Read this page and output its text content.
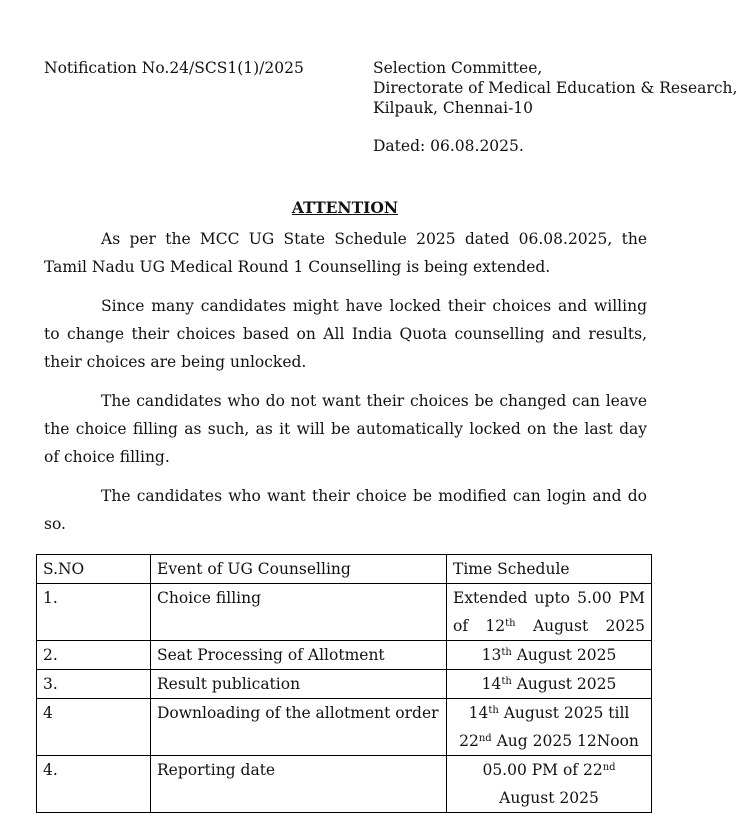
Notification No.24/SCS1(1)/2025	Selection Committee,
Directorate of Medical Education & Research,
Kilpauk, Chennai-10
Dated: 06.08.2025.
ATTENTION

As per the MCC UG State Schedule 2025 dated 06.08.2025, the Tamil Nadu UG Medical Round 1 Counselling is being extended.

Since many candidates might have locked their choices and willing to change their choices based on All India Quota counselling and results, their choices are being unlocked.

The candidates who do not want their choices be changed can leave the choice filling as such, as it will be automatically locked on the last day of choice filling.

The candidates who want their choice be modified can login and do so.

S.NO	Event of UG Counselling	Time Schedule
1.	Choice filling	Extended upto 5.00 PM of 12th August 2025
2.	Seat Processing of Allotment	13th August 2025
3.	Result publication	14th August 2025
4	Downloading of the allotment order	14th August 2025 till
22nd Aug 2025 12Noon
4.	Reporting date	05.00 PM of 22nd
August 2025
